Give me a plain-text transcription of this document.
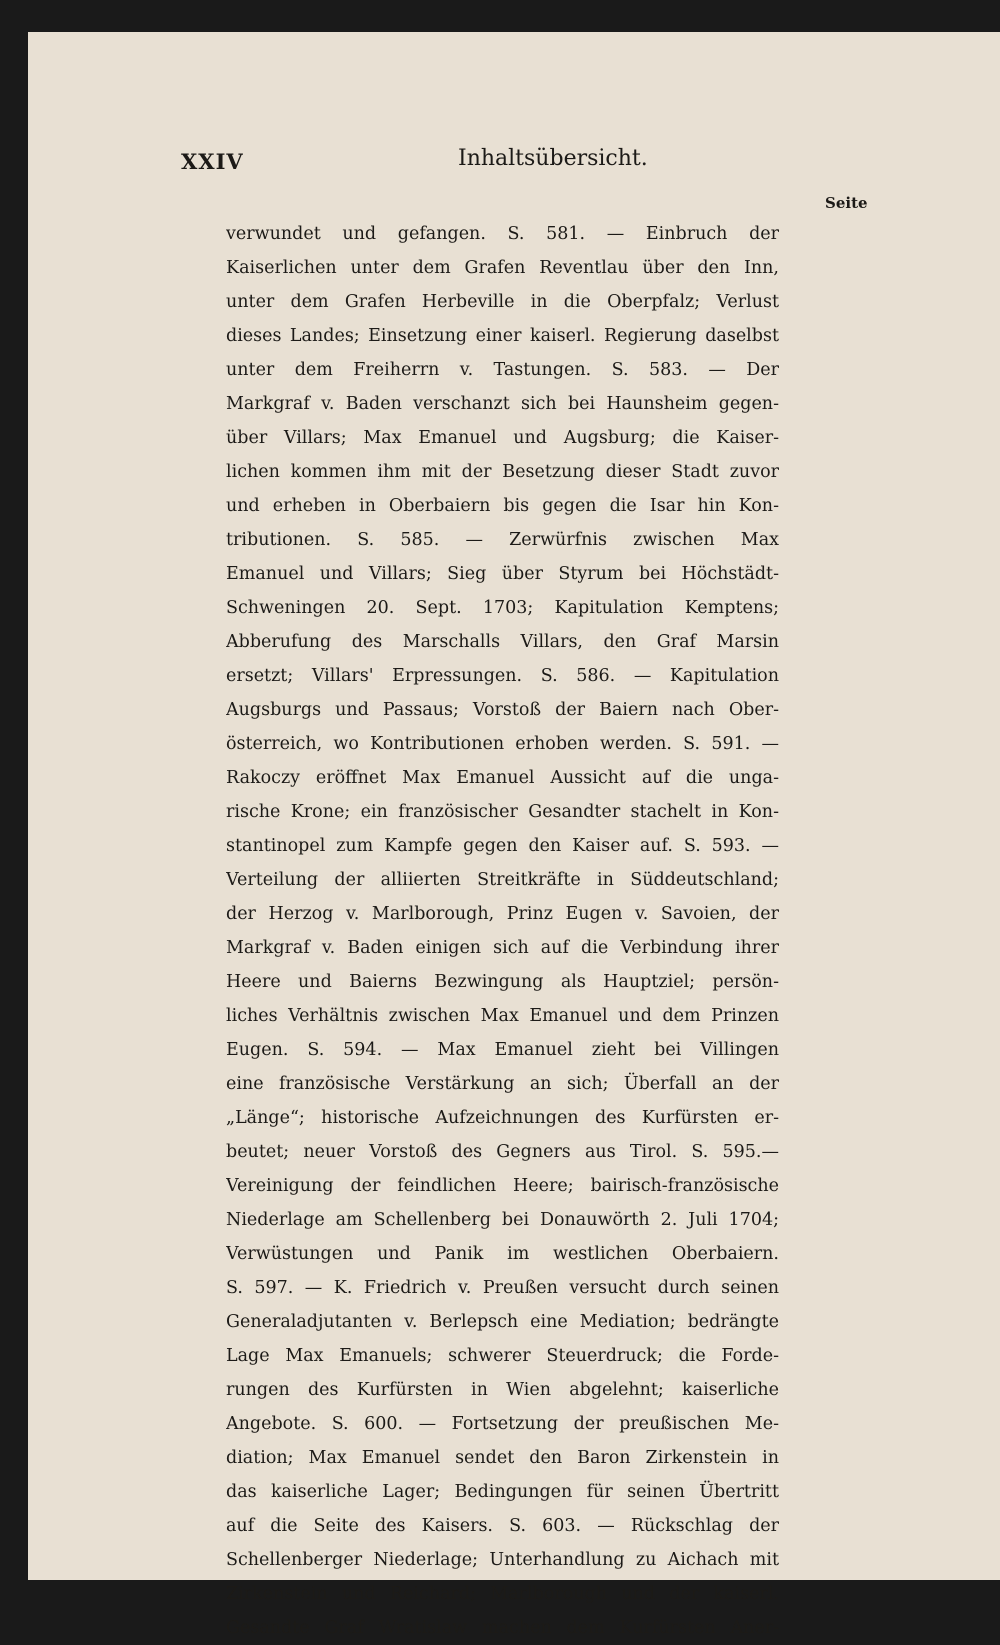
XXIV	Inhaltsübersicht.
Seite
verwundet und gefangen. S. 581. — Einbruch der
Kaiserlichen unter dem Grafen Reventlau über den Inn,
unter dem Grafen Herbeville in die Oberpfalz; Verlust
dieses Landes; Einsetzung einer kaiserl. Regierung daselbst
unter dem Freiherrn v. Tastungen. S. 583. — Der
Markgraf v. Baden verschanzt sich bei Haunsheim gegen-
über Villars; Max Emanuel und Augsburg; die Kaiser-
lichen kommen ihm mit der Besetzung dieser Stadt zuvor
und erheben in Oberbaiern bis gegen die Isar hin Kon-
tributionen. S. 585. — Zerwürfnis zwischen Max
Emanuel und Villars; Sieg über Styrum bei Höchstädt-
Schweningen 20. Sept. 1703; Kapitulation Kemptens;
Abberufung des Marschalls Villars, den Graf Marsin
ersetzt; Villars' Erpressungen. S. 586. — Kapitulation
Augsburgs und Passaus; Vorstoß der Baiern nach Ober-
österreich, wo Kontributionen erhoben werden. S. 591. —
Rakoczy eröffnet Max Emanuel Aussicht auf die unga-
rische Krone; ein französischer Gesandter stachelt in Kon-
stantinopel zum Kampfe gegen den Kaiser auf. S. 593. —
Verteilung der alliierten Streitkräfte in Süddeutschland;
der Herzog v. Marlborough, Prinz Eugen v. Savoien, der
Markgraf v. Baden einigen sich auf die Verbindung ihrer
Heere und Baierns Bezwingung als Hauptziel; persön-
liches Verhältnis zwischen Max Emanuel und dem Prinzen
Eugen. S. 594. — Max Emanuel zieht bei Villingen
eine französische Verstärkung an sich; Überfall an der
„Länge“; historische Aufzeichnungen des Kurfürsten er-
beutet; neuer Vorstoß des Gegners aus Tirol. S. 595.—
Vereinigung der feindlichen Heere; bairisch-französische
Niederlage am Schellenberg bei Donauwörth 2. Juli 1704;
Verwüstungen und Panik im westlichen Oberbaiern.
S. 597. — K. Friedrich v. Preußen versucht durch seinen
Generaladjutanten v. Berlepsch eine Mediation; bedrängte
Lage Max Emanuels; schwerer Steuerdruck; die Forde-
rungen des Kurfürsten in Wien abgelehnt; kaiserliche
Angebote. S. 600. — Fortsetzung der preußischen Me-
diation; Max Emanuel sendet den Baron Zirkenstein in
das kaiserliche Lager; Bedingungen für seinen Übertritt
auf die Seite des Kaisers. S. 603. — Rückschlag der
Schellenberger Niederlage; Unterhandlung zu Aichach mit
Zirkenstein und Reichard; Marlborough und der kaiserl.
Gesandte Graf Wratislaw machen dem Kurfürsten Aner-
